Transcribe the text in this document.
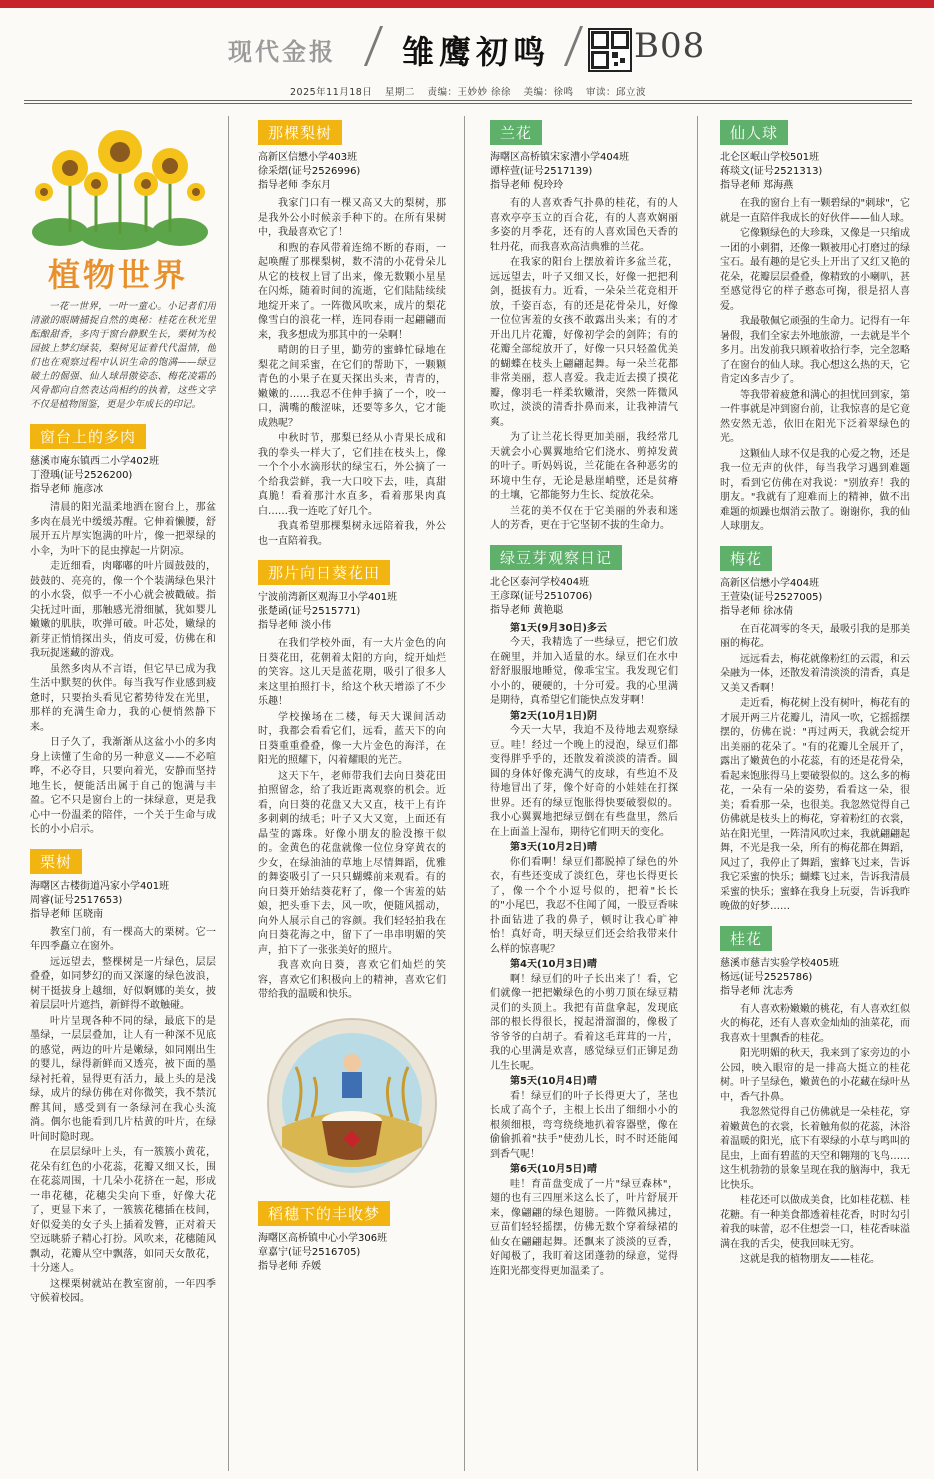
现代金报 雏鹰初鸣 B08
2025年11月18日 星期二 责编：王妙妙 徐徐 美编：徐鸣 审读：邱立波
植物世界

一花一世界，一叶一童心。小记者们用清澈的眼睛捕捉自然的奥秘：桂花在秋光里酝酿甜香，多肉于窗台静默生长，栗树为校园披上梦幻绿装，梨树见证着代代温情，他们也在观察过程中认识生命的饱满——绿豆破土的倔强、仙人球昂傲姿态、梅花凌霜的风骨都向自然表达尚相约的执着，这些文字不仅是植物图鉴，更是少年成长的印记。

窗台上的多肉

慈溪市庵东镇西二小学402班

丁澄瑀(证号2526200)

指导老师 施彦冰

清晨的阳光温柔地洒在窗台上，那盆多肉在晨光中缓缓苏醒。它伸着懒腰，舒展开五片厚实饱满的叶片，像一把翠绿的小伞，为叶下的昆虫撑起一片阴凉。

走近细看，肉嘟嘟的叶片圆鼓鼓的，鼓鼓的、亮亮的，像一个个装满绿色果汁的小水袋，似乎一不小心就会被戳破。指尖抚过叶面，那触感光滑细腻，犹如婴儿嫩嫩的肌肤，吹弹可破。叶芯处，嫩绿的新芽正悄悄探出头，俏皮可爱，仿佛在和我玩捉迷藏的游戏。

虽然多肉从不言语，但它早已成为我生活中默契的伙伴。每当我写作业感到疲惫时，只要抬头看见它蓄势待发在光里，那样的充满生命力，我的心便悄然静下来。

日子久了，我渐渐从这盆小小的多肉身上读懂了生命的另一种意义——不必喧哗，不必夺目，只要向着光，安静而坚持地生长，便能活出属于自己的饱满与丰盈。它不只是窗台上的一抹绿意，更是我心中一份温柔的陪伴，一个关于生命与成长的小小启示。

栗树

海曙区古楼街道冯家小学401班

周睿(证号2517653)

指导老师 匡晓南

教室门前，有一棵高大的栗树。它一年四季矗立在窗外。

远远望去，整棵树是一片绿色，层层叠叠，如同梦幻的而又深邃的绿色波浪，树干挺拔身上越细，好似婀娜的美女，披着层层叶片遮挡，新鲜得不敢触碰。

叶片呈现各种不同的绿，最底下的是墨绿，一层层叠加，让人有一种深不见底的感觉，两边的叶片是嫩绿，如同刚出生的婴儿，绿得新鲜而又透亮，被下面的墨绿衬托着，显得更有活力，最上头的是浅绿，成片的绿仿佛在对你微笑，我不禁沉醉其间，感受到有一条绿河在我心头流淌。偶尔也能看到几片枯黄的叶片，在绿叶间时隐时现。

在层层绿叶上头，有一簇簇小黄花，花朵有红色的小花蕊，花瓣又细又长，围在花蕊周围，十几朵小花挤在一起，形成一串花穗，花穗尖尖向下垂，好像大花了，更显下来了，一簇簇花穗插在枝间，好似爱美的女子头上插着发簪，正对着天空远眺骄子精心打扮。风吹来，花穗随风飘动，花瓣从空中飘落，如同天女散花，十分迷人。

这棵栗树就站在教室窗前，一年四季守候着校园。

那棵梨树

高新区信懋小学403班

徐采熠(证号2526996)

指导老师 李东月

我家门口有一棵又高又大的梨树，那是我外公小时候亲手种下的。在所有果树中，我最喜欢它了！

和煦的春风带着连绵不断的春雨，一起唤醒了那棵梨树，数不清的小花骨朵儿从它的枝杈上冒了出来，像无数颗小星星在闪烁，随着时间的流逝，它们陆陆续续地绽开来了。一阵微风吹来，成片的梨花像雪白的浪花一样，连同春雨一起翩翩而来，我多想成为那其中的一朵啊！

晴朗的日子里，勤劳的蜜蜂忙碌地在梨花之间采蜜，在它们的帮助下，一颗颗青色的小果子在夏天探出头来，青青的，嫩嫩的……我忍不住伸手摘了一个，咬一口，满嘴的酸涩味，还要等多久，它才能成熟呢？

中秋时节，那梨已经从小青果长成和我的拳头一样大了，它们挂在枝头上，像一个个小水滴形状的绿宝石，外公摘了一个给我尝鲜，我一大口咬下去，哇，真甜真脆！看着那汁水直多，看着那果肉真白……我一连吃了好几个。

我真希望那棵梨树永远陪着我，外公也一直陪着我。

那片向日葵花田

宁波前湾新区观海卫小学401班

张楚函(证号2515771)

指导老师 淡小伟

在我们学校外面，有一大片金色的向日葵花田，花朝着太阳的方向，绽开灿烂的笑容。这儿天是蓝花期，吸引了很多人来这里拍照打卡，给这个秋天增添了不少乐趣！

学校操场在二楼，每天大课间活动时，我都会看看它们，远看，蓝天下的向日葵重重叠叠，像一大片金色的海洋，在阳光的照耀下，闪着耀眼的光芒。

这天下午，老师带我们去向日葵花田拍照留念，给了我近距离观察的机会。近看，向日葵的花盘又大又直，枝干上有许多刺刺的绒毛；叶子又大又宽，上面还有晶莹的露珠。好像小朋友的脸没擦干似的。金黄色的花盘就像一位位身穿黄衣的少女，在绿油油的草地上尽情舞蹈，优雅的舞姿吸引了一只只蝴蝶前来观看。有的向日葵开始结葵花籽了，像一个害羞的姑娘，把头垂下去，风一吹，便随风摇动，向外人展示自己的容颜。我们轻轻拍我在向日葵花海之中，留下了一串串明媚的笑声，拍下了一张张美好的照片。

我喜欢向日葵，喜欢它们灿烂的笑容，喜欢它们积极向上的精神，喜欢它们带给我的温暖和快乐。

稻穗下的丰收梦

海曙区高桥镇中心小学306班

章嘉宁(证号2516705)

指导老师 乔媛

兰花

海曙区高桥镇宋家漕小学404班

谭梓萱(证号2517139)

指导老师 倪玲玲

有的人喜欢香气扑鼻的桂花，有的人喜欢亭亭玉立的百合花，有的人喜欢娴丽多姿的月季花，还有的人喜欢国色天香的牡丹花，而我喜欢高洁典雅的兰花。

在我家的阳台上摆放着许多盆兰花，远远望去，叶子又细又长，好像一把把利剑，挺拔有力。近看，一朵朵兰花竞相开放，千姿百态，有的还是花骨朵儿，好像一位位害羞的女孩不敢露出头来；有的才开出几片花瓣，好像初学会的剑阵；有的花瓣全部绽放开了，好像一只只轻盈优美的蝴蝶在枝头上翩翩起舞。每一朵兰花都非常美丽，惹人喜爱。我走近去摸了摸花瓣，像羽毛一样柔软嫩滑，突然一阵微风吹过，淡淡的清香扑鼻而来，让我神清气爽。

为了让兰花长得更加美丽，我经常几天就会小心翼翼地给它们浇水、剪掉发黄的叶子。听妈妈说，兰花能在各种恶劣的环境中生存，无论是悬崖峭壁，还是贫瘠的土壤，它都能努力生长、绽放花朵。

兰花的美不仅在于它美丽的外表和迷人的芳香，更在于它坚韧不拔的生命力。

绿豆芽观察日记

北仑区泰河学校404班

王彦琛(证号2510706)

指导老师 黄艳聪

第1天(9月30日)多云

今天，我精选了一些绿豆，把它们放在碗里，并加入适量的水。绿豆们在水中舒舒服服地睡觉，像乖宝宝。我发现它们小小的，硬硬的，十分可爱。我的心里满是期待，真希望它们能快点发芽啊！

第2天(10月1日)阴

今天一大早，我迫不及待地去观察绿豆。哇！经过一个晚上的浸泡，绿豆们都变得胖乎乎的，还散发着淡淡的清香。圆圆的身体好像充满气的皮球，有些迫不及待地冒出了芽，像个好奇的小娃娃在打探世界。还有的绿豆饱胀得快要破裂似的。我小心翼翼地把绿豆倒在有些盘里，然后在上面盖上湿布，期待它们明天的变化。

第3天(10月2日)晴

你们看啊！绿豆们都脱掉了绿色的外衣，有些还变成了淡红色，芽也长得更长了，像一个个小逗号似的，把着"长长的"小尾巴，我忍不住闻了闻，一股豆香味扑面钻进了我的鼻子，顿时让我心旷神怡！真好奇，明天绿豆们还会给我带来什么样的惊喜呢？

第4天(10月3日)晴

啊！绿豆们的叶子长出来了！看，它们就像一把把嫩绿色的小剪刀顶在绿豆精灵们的头顶上。我把有苗盘拿起，发现底部的根长得很长，搅起滑溜溜的，像极了爷爷爷的白胡子。看着这毛茸茸的一片，我的心里满是欢喜，感觉绿豆们正铆足劲儿生长呢。

第5天(10月4日)晴

看！绿豆们的叶子长得更大了，茎也长成了高个子，主根上长出了细细小小的根须细根，弯弯绕绕地扒着容器壁，像在偷偷抓着"扶手"使劲儿长，时不时还能闻到香气呢！

第6天(10月5日)晴

哇！育苗盘变成了一片"绿豆森林"，翅的也有三四厘米这么长了，叶片舒展开来，像翩翩的绿色翅膀。一阵微风拂过，豆苗们轻轻摇摆，仿佛无数个穿着绿裙的仙女在翩翩起舞。还飘来了淡淡的豆香，好闻极了，我盯着这团蓬勃的绿意，觉得连阳光都变得更加温柔了。

仙人球

北仑区岷山学校501班

蒋琰文(证号2521313)

指导老师 郑海燕

在我的窗台上有一颗碧绿的"刺球"，它就是一直陪伴我成长的好伙伴——仙人球。

它像颗绿色的大珍珠，又像是一只缩成一团的小刺猬，还像一颗被用心打磨过的绿宝石。最有趣的是它头上开出了又红又艳的花朵，花瓣层层叠叠，像精致的小喇叭，甚至感觉得它的样子憨态可掬，很是招人喜爱。

我最敬佩它顽强的生命力。记得有一年暑假，我们全家去外地旅游，一去就是半个多月。出发前我只顾着收拾行李，完全忽略了在窗台的仙人球。我心想这么热的天，它肯定凶多吉少了。

等我带着疲惫和满心的担忧回到家，第一件事就是冲到窗台前，让我惊喜的是它竟然安然无恙，依旧在阳光下泛着翠绿色的光。

这颗仙人球不仅是我的心爱之物，还是我一位无声的伙伴，每当我学习遇到难题时，看到它仿佛在对我说："别放弃！我的朋友。"我就有了迎难而上的精神，做不出难题的烦躁也烟消云散了。谢谢你，我的仙人球朋友。

梅花

高新区信懋小学404班

王萱染(证号2527005)

指导老师 徐冰倩

在百花凋零的冬天，最吸引我的是那美丽的梅花。

远远看去，梅花就像粉红的云霞，和云朵融为一体，还散发着清淡淡的清香，真是又美又香啊！

走近看，梅花树上没有树叶，梅花有的才展开两三片花瓣儿，清风一吹，它摇摇摆摆的，仿佛在说："再过两天，我就会绽开出美丽的花朵了。"有的花瓣儿全展开了，露出了嫩黄色的小花蕊，有的还是花骨朵，看起来饱胀得马上要破裂似的。这么多的梅花，一朵有一朵的姿势，看看这一朵，很美；看看那一朵，也很美。我忽然觉得自己仿佛就是枝头上的梅花，穿着粉红的衣裳，站在阳光里，一阵清风吹过来，我就翩翩起舞，不光是我一朵，所有的梅花都在舞蹈，风过了，我停止了舞蹈，蜜蜂飞过来，告诉我它采蜜的快乐；蝴蝶飞过来，告诉我清晨采蜜的快乐；蜜蜂在我身上玩耍，告诉我昨晚做的好梦……

桂花

慈溪市慈吉实验学校405班

杨远(证号2525786)

指导老师 沈志秀

有人喜欢粉嫩嫩的桃花，有人喜欢红似火的梅花，还有人喜欢金灿灿的油菜花，而我喜欢十里飘香的桂花。

阳光明媚的秋天，我来到了家旁边的小公园，映入眼帘的是一排高大挺立的桂花树。叶子呈绿色，嫩黄色的小花藏在绿叶丛中，香气扑鼻。

我忽然觉得自己仿佛就是一朵桂花，穿着嫩黄色的衣裳，长着触角似的花蕊，沐浴着温暖的阳光，底下有翠绿的小草与鸣叫的昆虫，上面有碧蓝的天空和翱翔的飞鸟……这生机勃勃的景象呈现在我的脑海中，我无比快乐。

桂花还可以做成美食，比如桂花糕、桂花糖。有一种美食都透着桂花香，时时勾引着我的味蕾，忍不住想尝一口，桂花香味溢满在我的舌尖，使我回味无穷。

这就是我的植物朋友——桂花。
